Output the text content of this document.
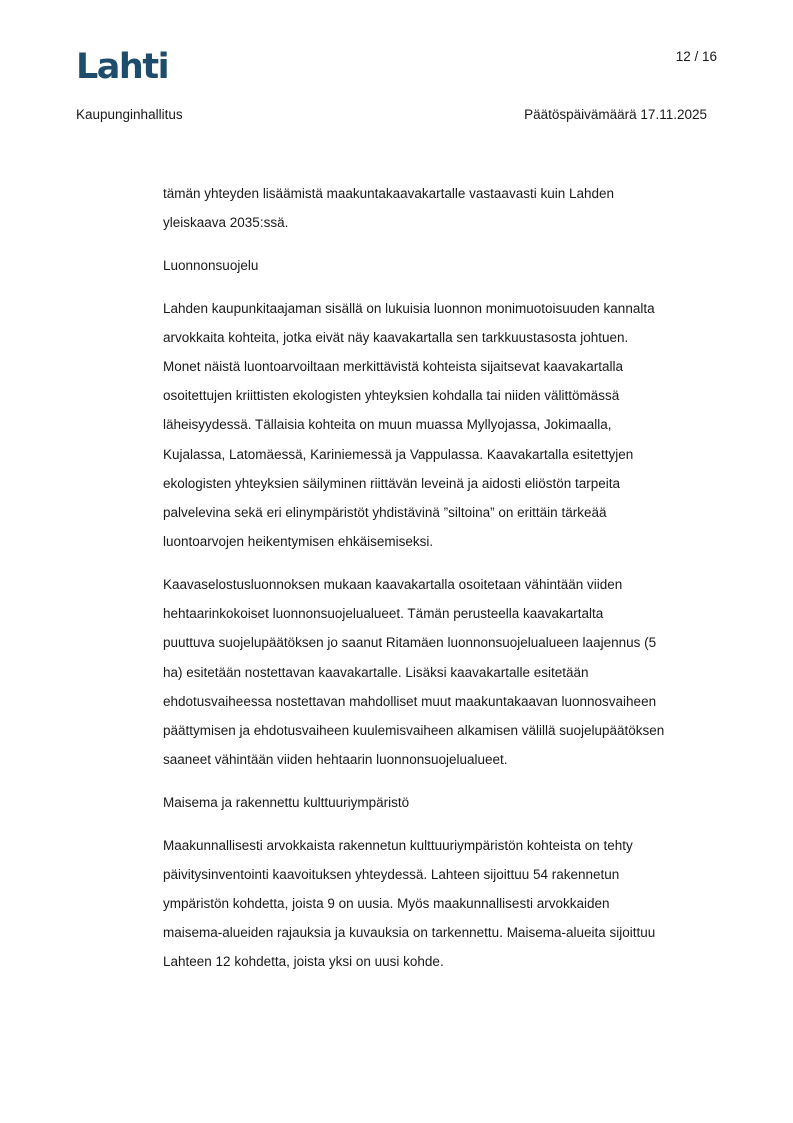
Lahti	12 / 16
Kaupunginhallitus	Päätöspäivämäärä 17.11.2025

tämän yhteyden lisäämistä maakuntakaavakartalle vastaavasti kuin Lahden
yleiskaava 2035:ssä.

Luonnonsuojelu

Lahden kaupunkitaajaman sisällä on lukuisia luonnon monimuotoisuuden kannalta
arvokkaita kohteita, jotka eivät näy kaavakartalla sen tarkkuustasosta johtuen.
Monet näistä luontoarvoiltaan merkittävistä kohteista sijaitsevat kaavakartalla
osoitettujen kriittisten ekologisten yhteyksien kohdalla tai niiden välittömässä
läheisyydessä. Tällaisia kohteita on muun muassa Myllyojassa, Jokimaalla,
Kujalassa, Latomäessä, Kariniemessä ja Vappulassa. Kaavakartalla esitettyjen
ekologisten yhteyksien säilyminen riittävän leveinä ja aidosti eliöstön tarpeita
palvelevina sekä eri elinympäristöt yhdistävinä ”siltoina” on erittäin tärkeää
luontoarvojen heikentymisen ehkäisemiseksi.

Kaavaselostusluonnoksen mukaan kaavakartalla osoitetaan vähintään viiden
hehtaarinkokoiset luonnonsuojelualueet. Tämän perusteella kaavakartalta
puuttuva suojelupäätöksen jo saanut Ritamäen luonnonsuojelualueen laajennus (5
ha) esitetään nostettavan kaavakartalle. Lisäksi kaavakartalle esitetään
ehdotusvaiheessa nostettavan mahdolliset muut maakuntakaavan luonnosvaiheen
päättymisen ja ehdotusvaiheen kuulemisvaiheen alkamisen välillä suojelupäätöksen
saaneet vähintään viiden hehtaarin luonnonsuojelualueet.

Maisema ja rakennettu kulttuuriympäristö

Maakunnallisesti arvokkaista rakennetun kulttuuriympäristön kohteista on tehty
päivitysinventointi kaavoituksen yhteydessä. Lahteen sijoittuu 54 rakennetun
ympäristön kohdetta, joista 9 on uusia. Myös maakunnallisesti arvokkaiden
maisema-alueiden rajauksia ja kuvauksia on tarkennettu. Maisema-alueita sijoittuu
Lahteen 12 kohdetta, joista yksi on uusi kohde.
